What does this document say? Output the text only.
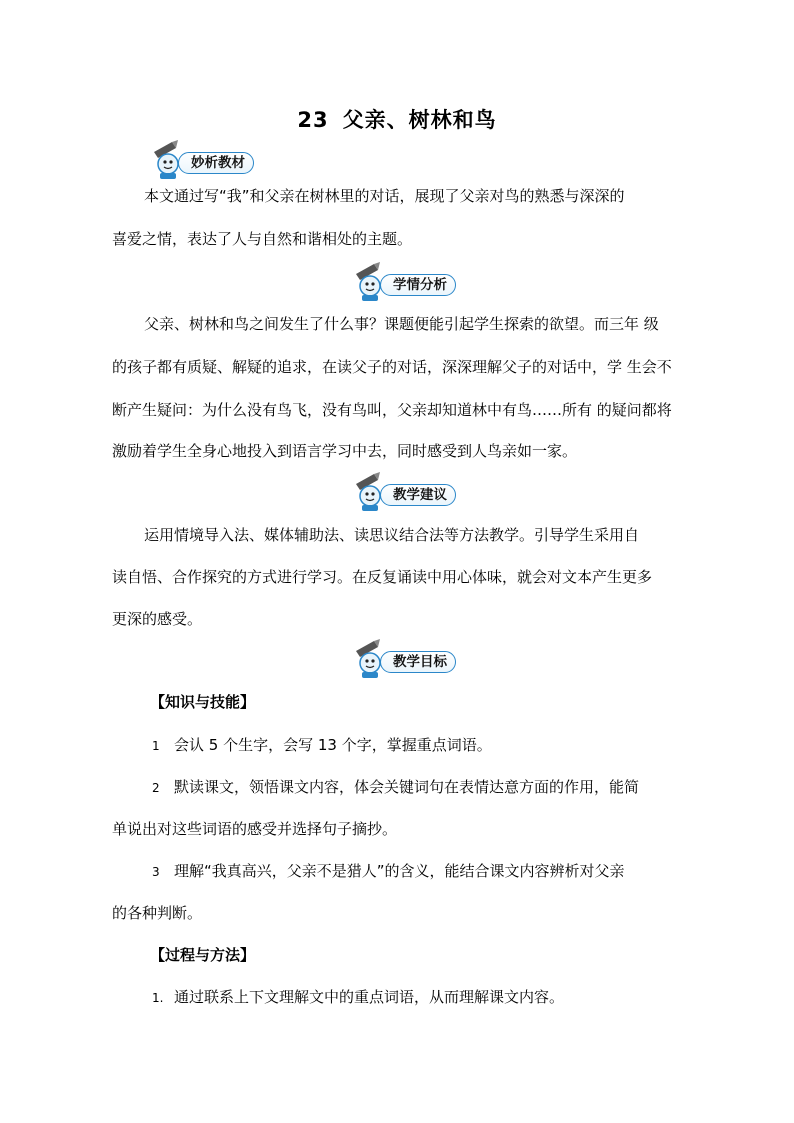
23 父亲、树林和鸟
妙析教材
本文通过写“我”和父亲在树林里的对话，展现了父亲对鸟的熟悉与深深的
喜爱之情，表达了人与自然和谐相处的主题。
学情分析
父亲、树林和鸟之间发生了什么事？课题便能引起学生探索的欲望。而三年 级
的孩子都有质疑、解疑的追求，在读父子的对话，深深理解父子的对话中，学 生会不
断产生疑问：为什么没有鸟飞，没有鸟叫，父亲却知道林中有鸟……所有 的疑问都将
激励着学生全身心地投入到语言学习中去，同时感受到人鸟亲如一家。
教学建议
运用情境导入法、媒体辅助法、读思议结合法等方法教学。引导学生采用自
读自悟、合作探究的方式进行学习。在反复诵读中用心体味，就会对文本产生更多
更深的感受。
教学目标
【知识与技能】
1 会认 5 个生字，会写 13 个字，掌握重点词语。
2 默读课文，领悟课文内容，体会关键词句在表情达意方面的作用，能简
单说出对这些词语的感受并选择句子摘抄。
3 理解“我真高兴，父亲不是猎人”的含义，能结合课文内容辨析对父亲
的各种判断。
【过程与方法】
1. 通过联系上下文理解文中的重点词语，从而理解课文内容。
